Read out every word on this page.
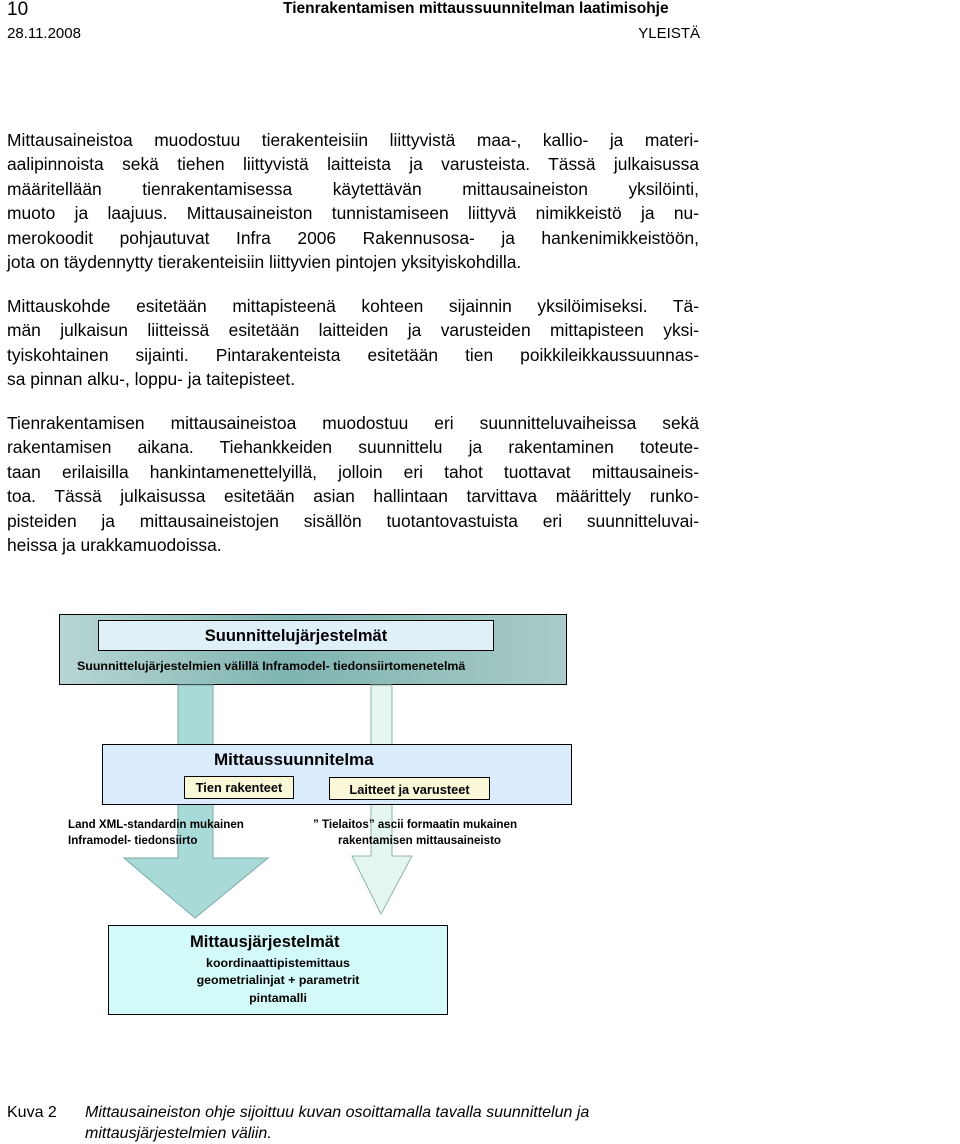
10	Tienrakentamisen mittaussuunnitelman laatimisohje
28.11.2008	YLEISTÄ
Mittausaineistoa muodostuu tierakenteisiin liittyvistä maa-, kallio- ja materi-
aalipinnoista sekä tiehen liittyvistä laitteista ja varusteista. Tässä julkaisussa
määritellään tienrakentamisessa käytettävän mittausaineiston yksilöinti,
muoto ja laajuus. Mittausaineiston tunnistamiseen liittyvä nimikkeistö ja nu-
merokoodit pohjautuvat Infra 2006 Rakennusosa- ja hankenimikkeistöön,
jota on täydennytty tierakenteisiin liittyvien pintojen yksityiskohdilla.
Mittauskohde esitetään mittapisteenä kohteen sijainnin yksilöimiseksi. Tä-
män julkaisun liitteissä esitetään laitteiden ja varusteiden mittapisteen yksi-
tyiskohtainen sijainti. Pintarakenteista esitetään tien poikkileikkaussuunnas-
sa pinnan alku-, loppu- ja taitepisteet.
Tienrakentamisen mittausaineistoa muodostuu eri suunnitteluvaiheissa sekä
rakentamisen aikana. Tiehankkeiden suunnittelu ja rakentaminen toteute-
taan erilaisilla hankintamenettelyillä, jolloin eri tahot tuottavat mittausaineis-
toa. Tässä julkaisussa esitetään asian hallintaan tarvittava määrittely runko-
pisteiden ja mittausaineistojen sisällön tuotantovastuista eri suunnitteluvai-
heissa ja urakkamuodoissa.
Suunnittelujärjestelmät
Suunnittelujärjestelmien välillä Inframodel- tiedonsiirtomenetelmä
Mittaussuunnitelma
Tien rakenteet	Laitteet ja varusteet
Land XML-standardin mukainen
Inframodel- tiedonsiirto
” Tielaitos” ascii formaatin mukainen
rakentamisen mittausaineisto
Mittausjärjestelmät
koordinaattipistemittaus
geometrialinjat + parametrit
pintamalli
Kuva 2 Mittausaineiston ohje sijoittuu kuvan osoittamalla tavalla suunnittelun ja
mittausjärjestelmien väliin.
